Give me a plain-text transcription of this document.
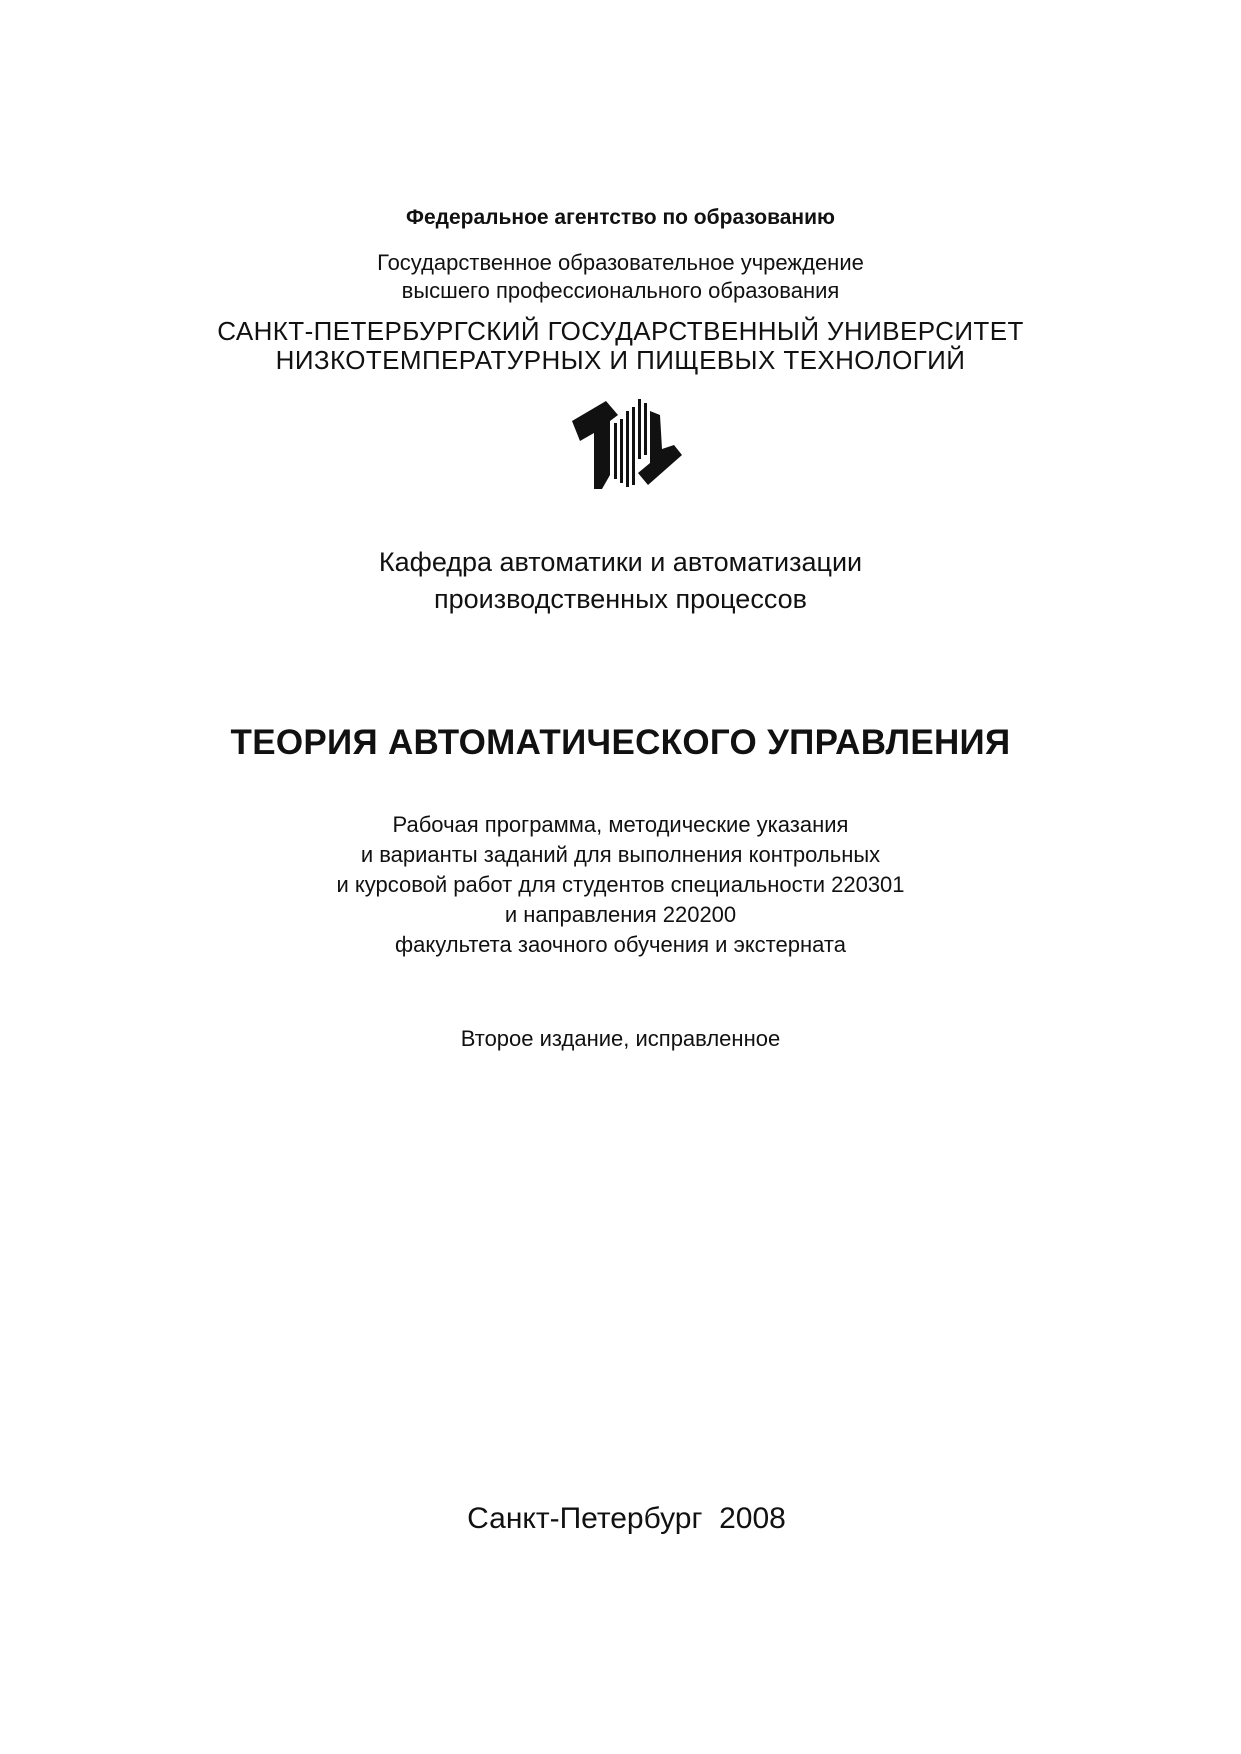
Федеральное агентство по образованию
Государственное образовательное учреждение
высшего профессионального образования
САНКТ-ПЕТЕРБУРГСКИЙ ГОСУДАРСТВЕННЫЙ УНИВЕРСИТЕТ
НИЗКОТЕМПЕРАТУРНЫХ И ПИЩЕВЫХ ТЕХНОЛОГИЙ
Кафедра автоматики и автоматизации
производственных процессов
ТЕОРИЯ АВТОМАТИЧЕСКОГО УПРАВЛЕНИЯ
Рабочая программа, методические указания
и варианты заданий для выполнения контрольных
и курсовой работ для студентов специальности 220301
и направления 220200
факультета заочного обучения и экстерната
Второе издание, исправленное
Санкт-Петербург  2008
